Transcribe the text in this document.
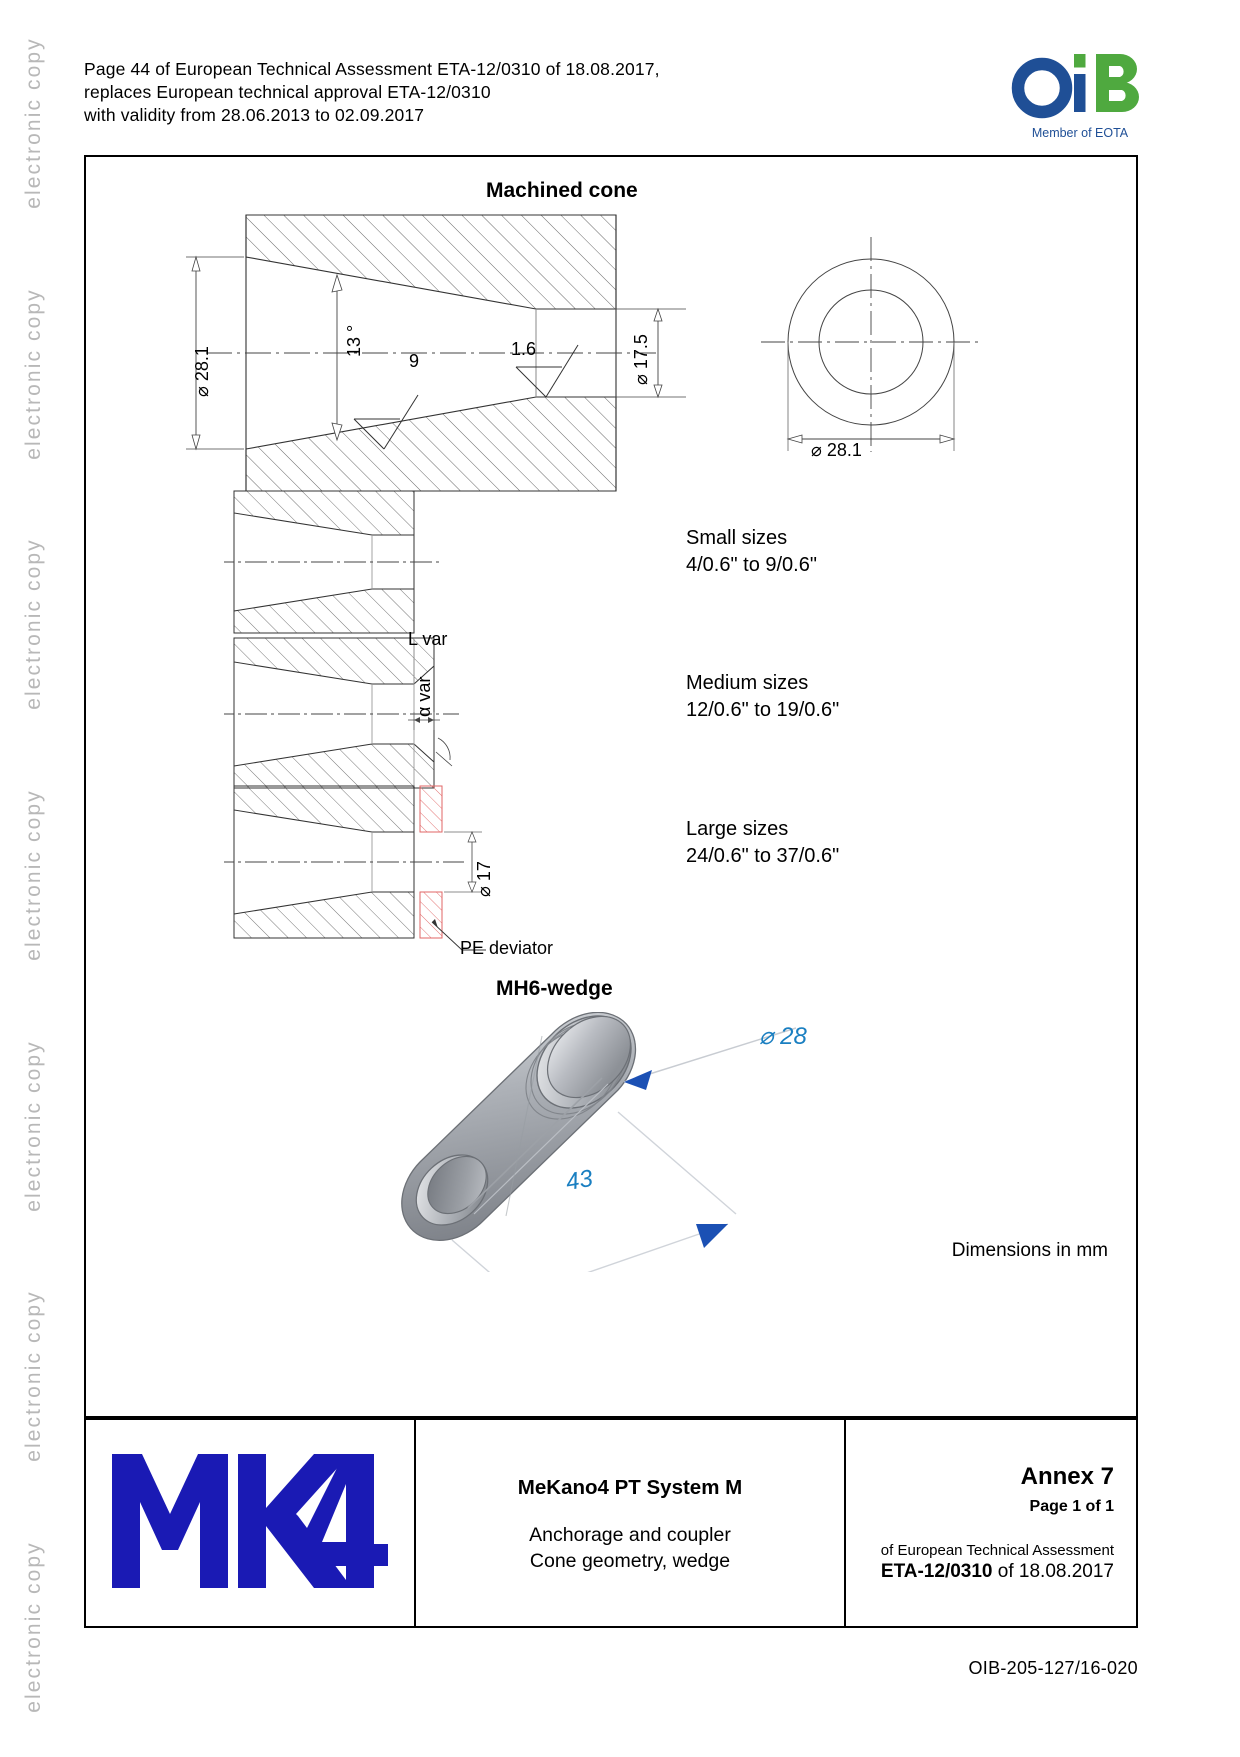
electronic copy
electronic copy
electronic copy
electronic copy
electronic copy
electronic copy
electronic copy
Page 44 of European Technical Assessment ETA-12/0310 of 18.08.2017,
replaces European technical approval ETA-12/0310
with validity from 28.06.2013 to 02.09.2017
Member of EOTA
Machined cone
⌀ 28.1
13 °
9
1.6	⌀ 17.5
⌀ 28.1
Small sizes
4/0.6" to 9/0.6"
L var
α var	Medium sizes
12/0.6" to 19/0.6"
⌀ 17
PE deviator
Large sizes
24/0.6" to 37/0.6"
MH6-wedge
⌀ 28
43
Dimensions in mm
MeKano4 PT System M
Anchorage and coupler
Cone geometry, wedge
Annex 7
Page 1 of 1
of European Technical Assessment
ETA-12/0310 of 18.08.2017
OIB-205-127/16-020
